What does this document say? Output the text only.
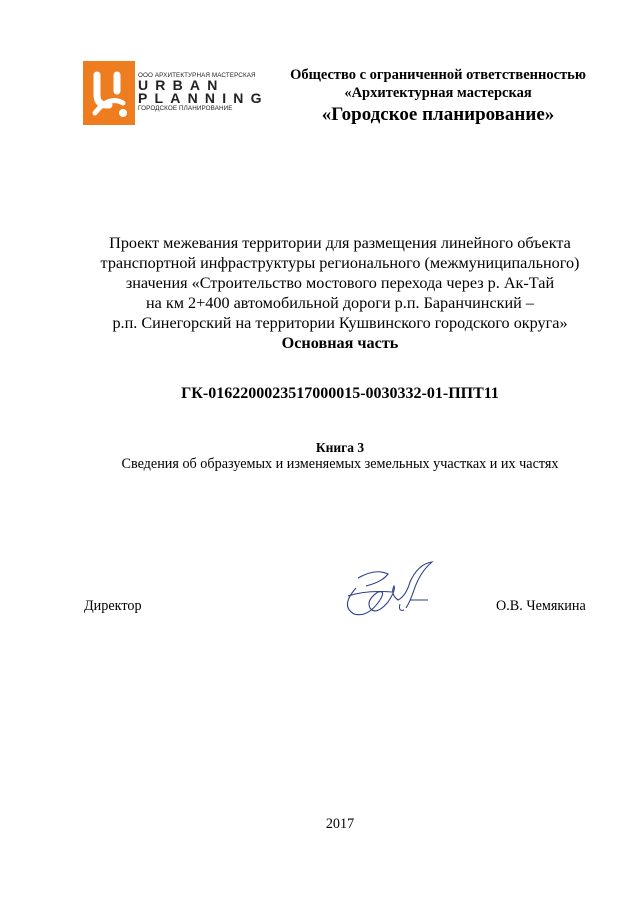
ООО АРХИТЕКТУРНАЯ МАСТЕРСКАЯ
URBAN
PLANNING
ГОРОДСКОЕ ПЛАНИРОВАНИЕ
Общество с ограниченной ответственностью
«Архитектурная мастерская
«Городское планирование»
Проект межевания территории для размещения линейного объекта
транспортной инфраструктуры регионального (межмуниципального)
значения «Строительство мостового перехода через р. Ак-Тай
на км 2+400 автомобильной дороги р.п. Баранчинский –
р.п. Синегорский на территории Кушвинского городского округа»
Основная часть
ГК-0162200023517000015-0030332-01-ППТ11
Книга 3
Сведения об образуемых и изменяемых земельных участках и их частях
Директор	О.В. Чемякина
2017
